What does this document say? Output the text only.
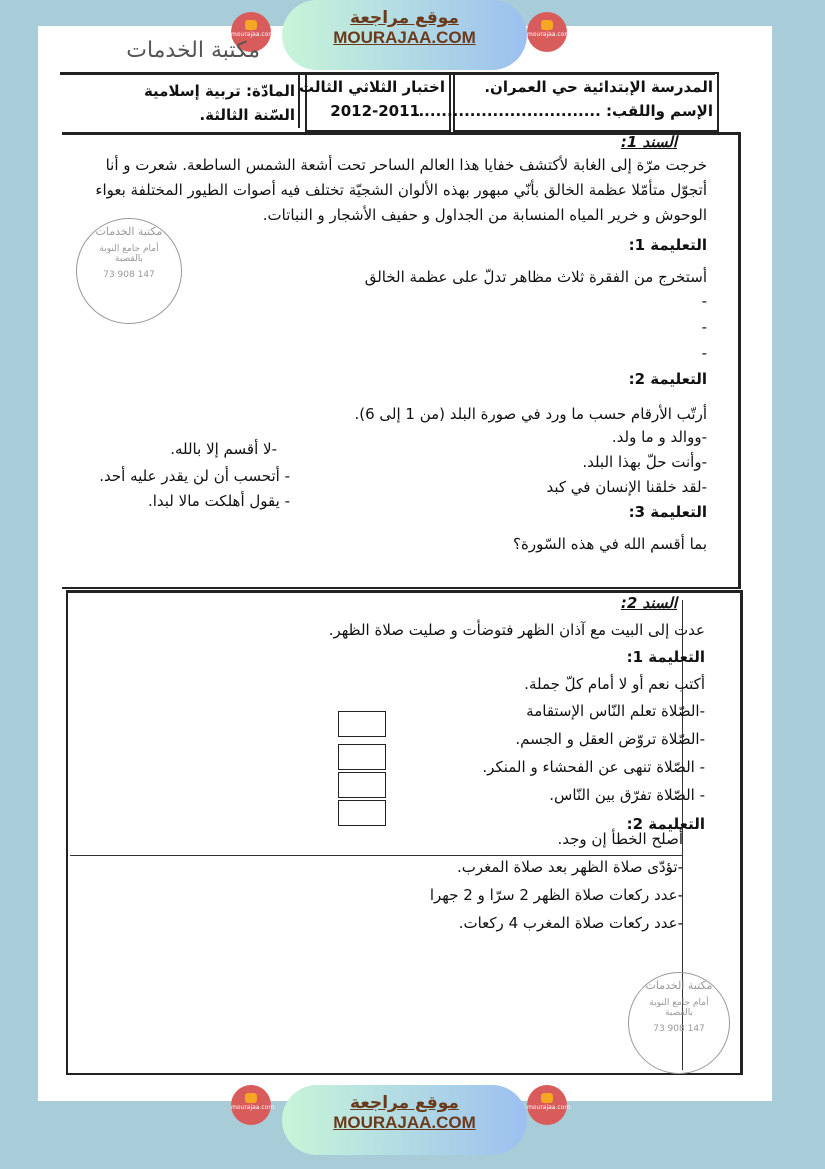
موقع مراجعة
MOURAJAA.COM
mourajaa.com	mourajaa.com
موقع مراجعة
MOURAJAA.COM
mourajaa.com	mourajaa.com
مكتبة الخدمات
المدرسة الإبتدائية حي العمران.
الإسم واللقب: .................................
اختبار الثلاثي الثالث
2012-2011
المادّة: تربية إسلامية
السّنة الثالثة.
السند 1:
خرجت مرّة إلى الغابة لأكتشف خفايا هذا العالم الساحر تحت أشعة الشمس الساطعة. شعرت و أنا
أتجوّل متأمّلا عظمة الخالق بأنّي مبهور بهذه الألوان الشجيّة تختلف فيه أصوات الطيور المختلفة بعواء
الوحوش و خرير المياه المنسابة من الجداول و حفيف الأشجار و النباتات.
التعليمة 1:
أستخرج من الفقرة ثلاث مظاهر تدلّ على عظمة الخالق
-
-
-
التعليمة 2:
أرتّب الأرقام حسب ما ورد في صورة البلد (من 1 إلى 6).
-ووالد و ما ولد.
-وأنت حلّ بهذا البلد.
-لقد خلقنا الإنسان في كبد
-لا أقسم إلا بالله.
- أتحسب أن لن يقدر عليه أحد.
- يقول أهلكت مالا لبدا.
التعليمة 3:
بما أقسم الله في هذه السّورة؟
السند 2:
عدت إلى البيت مع آذان الظهر فتوضأت و صليت صلاة الظهر.
التعليمة 1:
أكتب نعم أو لا أمام كلّ جملة.
-الصّلاة تعلم النّاس الإستقامة
-الصّلاة تروّض العقل و الجسم.
- الصّلاة تنهى عن الفحشاء و المنكر.
- الصّلاة تفرّق بين النّاس.
التعليمة 2:
أصلح الخطأ إن وجد.
-تؤدّى صلاة الظهر بعد صلاة المغرب.
-عدد ركعات صلاة الظهر 2 سرّا و 2 جهرا
-عدد ركعات صلاة المغرب 4 ركعات.
مكتبة الخدمات
أمام جامع النوبة بالقصبة
73 908 147
مكتبة الخدمات
أمام جامع النوبة بالقصبة
73 908 147
